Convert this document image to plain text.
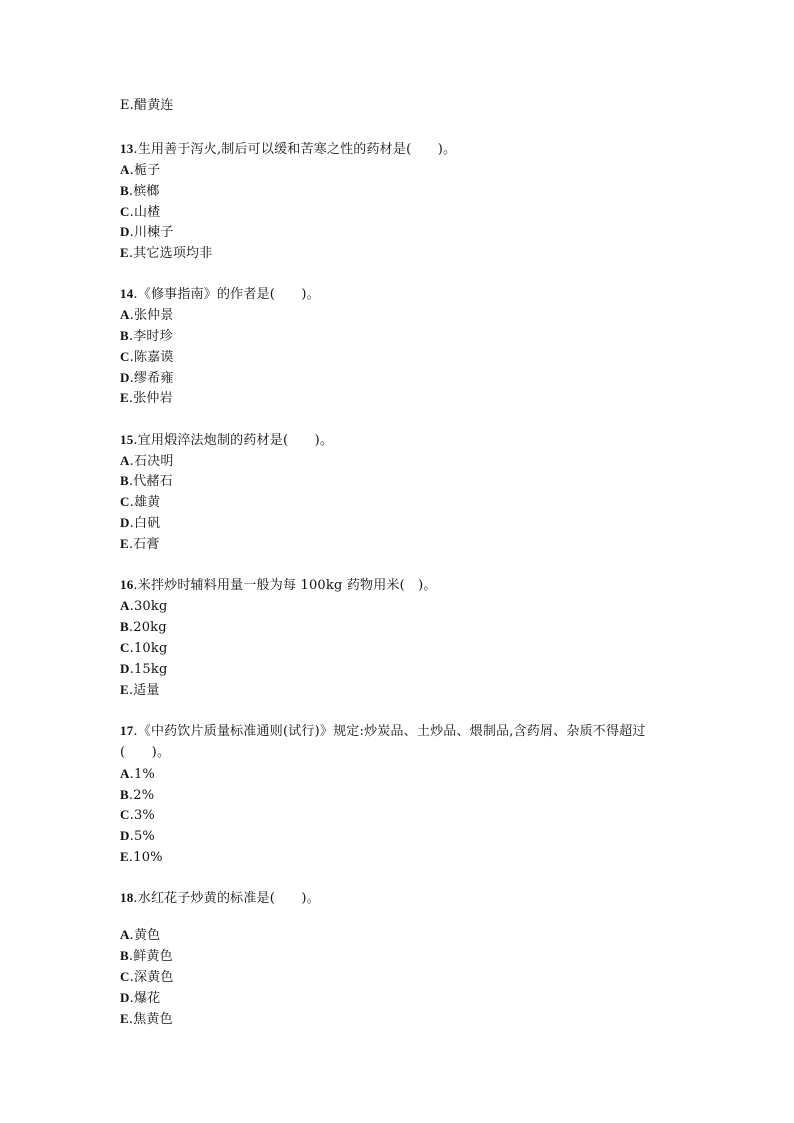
E.醋黄连
13.生用善于泻火,制后可以缓和苦寒之性的药材是(　　)。
A.栀子
B.槟榔
C.山楂
D.川楝子
E.其它选项均非
14.《修事指南》的作者是(　　)。
A.张仲景
B.李时珍
C.陈嘉谟
D.缪希雍
E.张仲岩
15.宜用煅淬法炮制的药材是(　　)。
A.石决明
B.代赭石
C.雄黄
D.白矾
E.石膏
16.米拌炒时辅料用量一般为每 100kg 药物用米(　)。
A.30kg
B.20kg
C.10kg
D.15kg
E.适量
17.《中药饮片质量标准通则(试行)》规定:炒炭品、土炒品、煨制品,含药屑、杂质不得超过
(　　)。
A.1%
B.2%
C.3%
D.5%
E.10%
18.水红花子炒黄的标准是(　　)。
A.黄色
B.鲜黄色
C.深黄色
D.爆花
E.焦黄色
